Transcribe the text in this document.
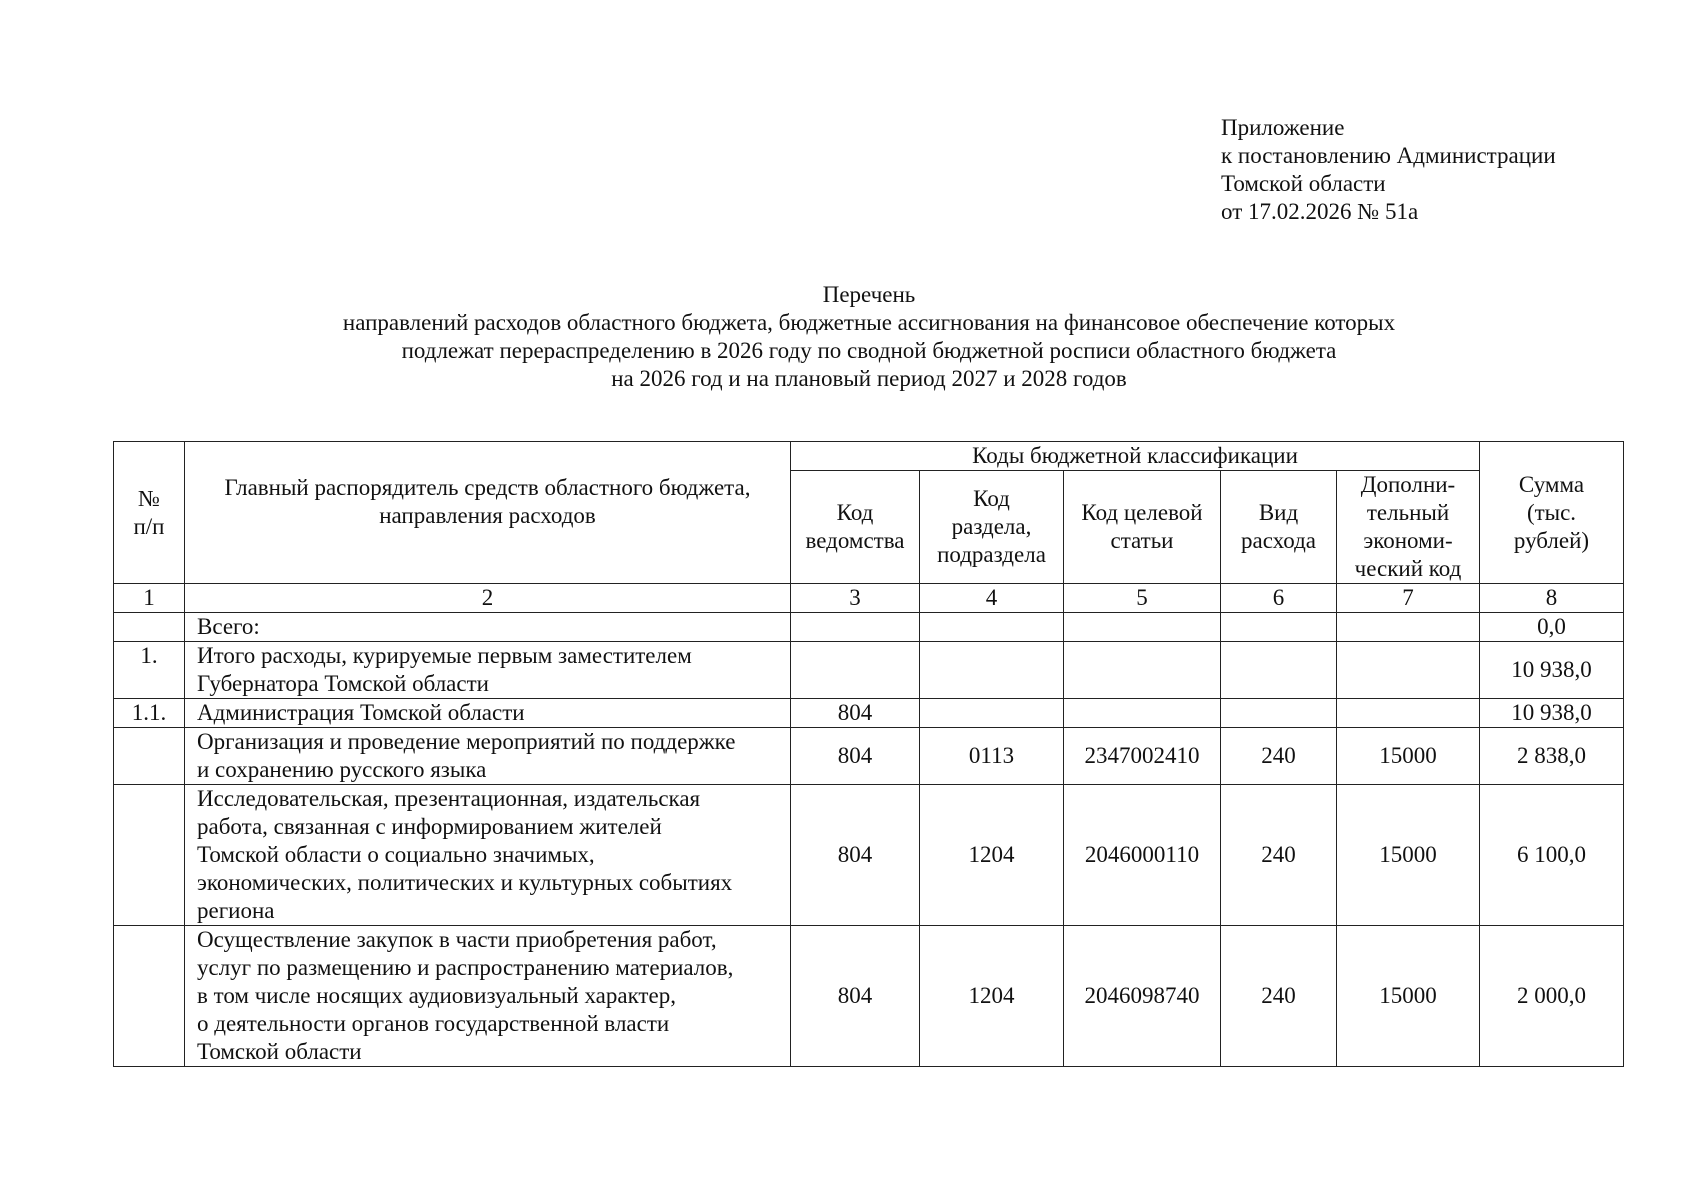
Приложение
к постановлению Администрации
Томской области
от 17.02.2026 № 51а
Перечень
направлений расходов областного бюджета, бюджетные ассигнования на финансовое обеспечение которых
подлежат перераспределению в 2026 году по сводной бюджетной росписи областного бюджета
на 2026 год и на плановый период 2027 и 2028 годов
№
п/п	Главный распорядитель средств областного бюджета,
направления расходов	Коды бюджетной классификации					Сумма
(тыс.
рублей)

		Код
ведомства	Код
раздела,
подраздела	Код целевой
статьи	Вид
расхода	Дополни-
тельный
экономи-
ческий код	

1	2	3	4	5	6	7	8
	Всего:						0,0
1.	Итого расходы, курируемые первым заместителем
Губернатора Томской области						10 938,0
1.1.	Администрация Томской области	804					10 938,0
	Организация и проведение мероприятий по поддержке
и сохранению русского языка	804	0113	2347002410	240	15000	2 838,0
	Исследовательская, презентационная, издательская
работа, связанная с информированием жителей
Томской области о социально значимых,
экономических, политических и культурных событиях
региона	804	1204	2046000110	240	15000	6 100,0
	Осуществление закупок в части приобретения работ,
услуг по размещению и распространению материалов,
в том числе носящих аудиовизуальный характер,
о деятельности органов государственной власти
Томской области	804	1204	2046098740	240	15000	2 000,0
